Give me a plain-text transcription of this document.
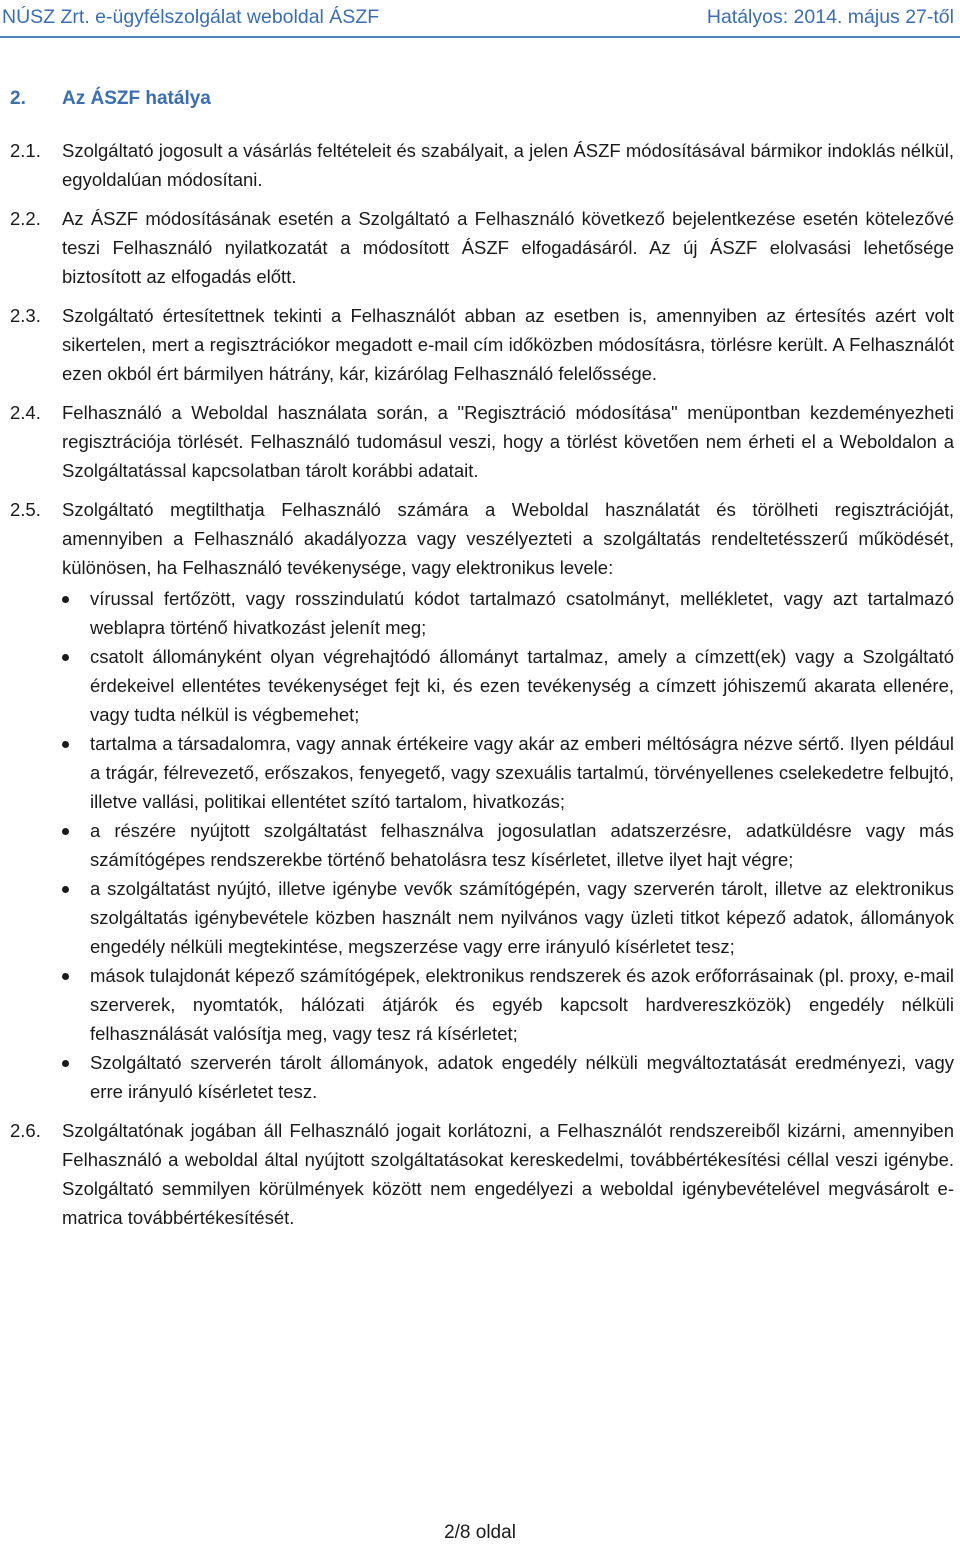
NÚSZ Zrt. e-ügyfélszolgálat weboldal ÁSZF	Hatályos: 2014. május 27-től
2.	Az ÁSZF hatálya
2.1.	Szolgáltató jogosult a vásárlás feltételeit és szabályait, a jelen ÁSZF módosításával bármikor indoklás nélkül, egyoldalúan módosítani.
2.2.	Az ÁSZF módosításának esetén a Szolgáltató a Felhasználó következő bejelentkezése esetén kötelezővé teszi Felhasználó nyilatkozatát a módosított ÁSZF elfogadásáról. Az új ÁSZF elolvasási lehetősége biztosított az elfogadás előtt.
2.3.	Szolgáltató értesítettnek tekinti a Felhasználót abban az esetben is, amennyiben az értesítés azért volt sikertelen, mert a regisztrációkor megadott e-mail cím időközben módosításra, törlésre került. A Felhasználót ezen okból ért bármilyen hátrány, kár, kizárólag Felhasználó felelőssége.
2.4.	Felhasználó a Weboldal használata során, a "Regisztráció módosítása" menüpontban kezdeményezheti regisztrációja törlését. Felhasználó tudomásul veszi, hogy a törlést követően nem érheti el a Weboldalon a Szolgáltatással kapcsolatban tárolt korábbi adatait.
2.5.	Szolgáltató megtilthatja Felhasználó számára a Weboldal használatát és törölheti regisztrációját, amennyiben a Felhasználó akadályozza vagy veszélyezteti a szolgáltatás rendeltetésszerű működését, különösen, ha Felhasználó tevékenysége, vagy elektronikus levele:

vírussal fertőzött, vagy rosszindulatú kódot tartalmazó csatolmányt, mellékletet, vagy azt tartalmazó weblapra történő hivatkozást jelenít meg;
csatolt állományként olyan végrehajtódó állományt tartalmaz, amely a címzett(ek) vagy a Szolgáltató érdekeivel ellentétes tevékenységet fejt ki, és ezen tevékenység a címzett jóhiszemű akarata ellenére, vagy tudta nélkül is végbemehet;
tartalma a társadalomra, vagy annak értékeire vagy akár az emberi méltóságra nézve sértő. Ilyen például a trágár, félrevezető, erőszakos, fenyegető, vagy szexuális tartalmú, törvényellenes cselekedetre felbujtó, illetve vallási, politikai ellentétet szító tartalom, hivatkozás;
a részére nyújtott szolgáltatást felhasználva jogosulatlan adatszerzésre, adatküldésre vagy más számítógépes rendszerekbe történő behatolásra tesz kísérletet, illetve ilyet hajt végre;
a szolgáltatást nyújtó, illetve igénybe vevők számítógépén, vagy szerverén tárolt, illetve az elektronikus szolgáltatás igénybevétele közben használt nem nyilvános vagy üzleti titkot képező adatok, állományok engedély nélküli megtekintése, megszerzése vagy erre irányuló kísérletet tesz;
mások tulajdonát képező számítógépek, elektronikus rendszerek és azok erőforrásainak (pl. proxy, e-mail szerverek, nyomtatók, hálózati átjárók és egyéb kapcsolt hardvereszközök) engedély nélküli felhasználását valósítja meg, vagy tesz rá kísérletet;
Szolgáltató szerverén tárolt állományok, adatok engedély nélküli megváltoztatását eredményezi, vagy erre irányuló kísérletet tesz.
2.6.	Szolgáltatónak jogában áll Felhasználó jogait korlátozni, a Felhasználót rendszereiből kizárni, amennyiben Felhasználó a weboldal által nyújtott szolgáltatásokat kereskedelmi, továbbértékesítési céllal veszi igénybe. Szolgáltató semmilyen körülmények között nem engedélyezi a weboldal igénybevételével megvásárolt e-matrica továbbértékesítését.
2/8 oldal
